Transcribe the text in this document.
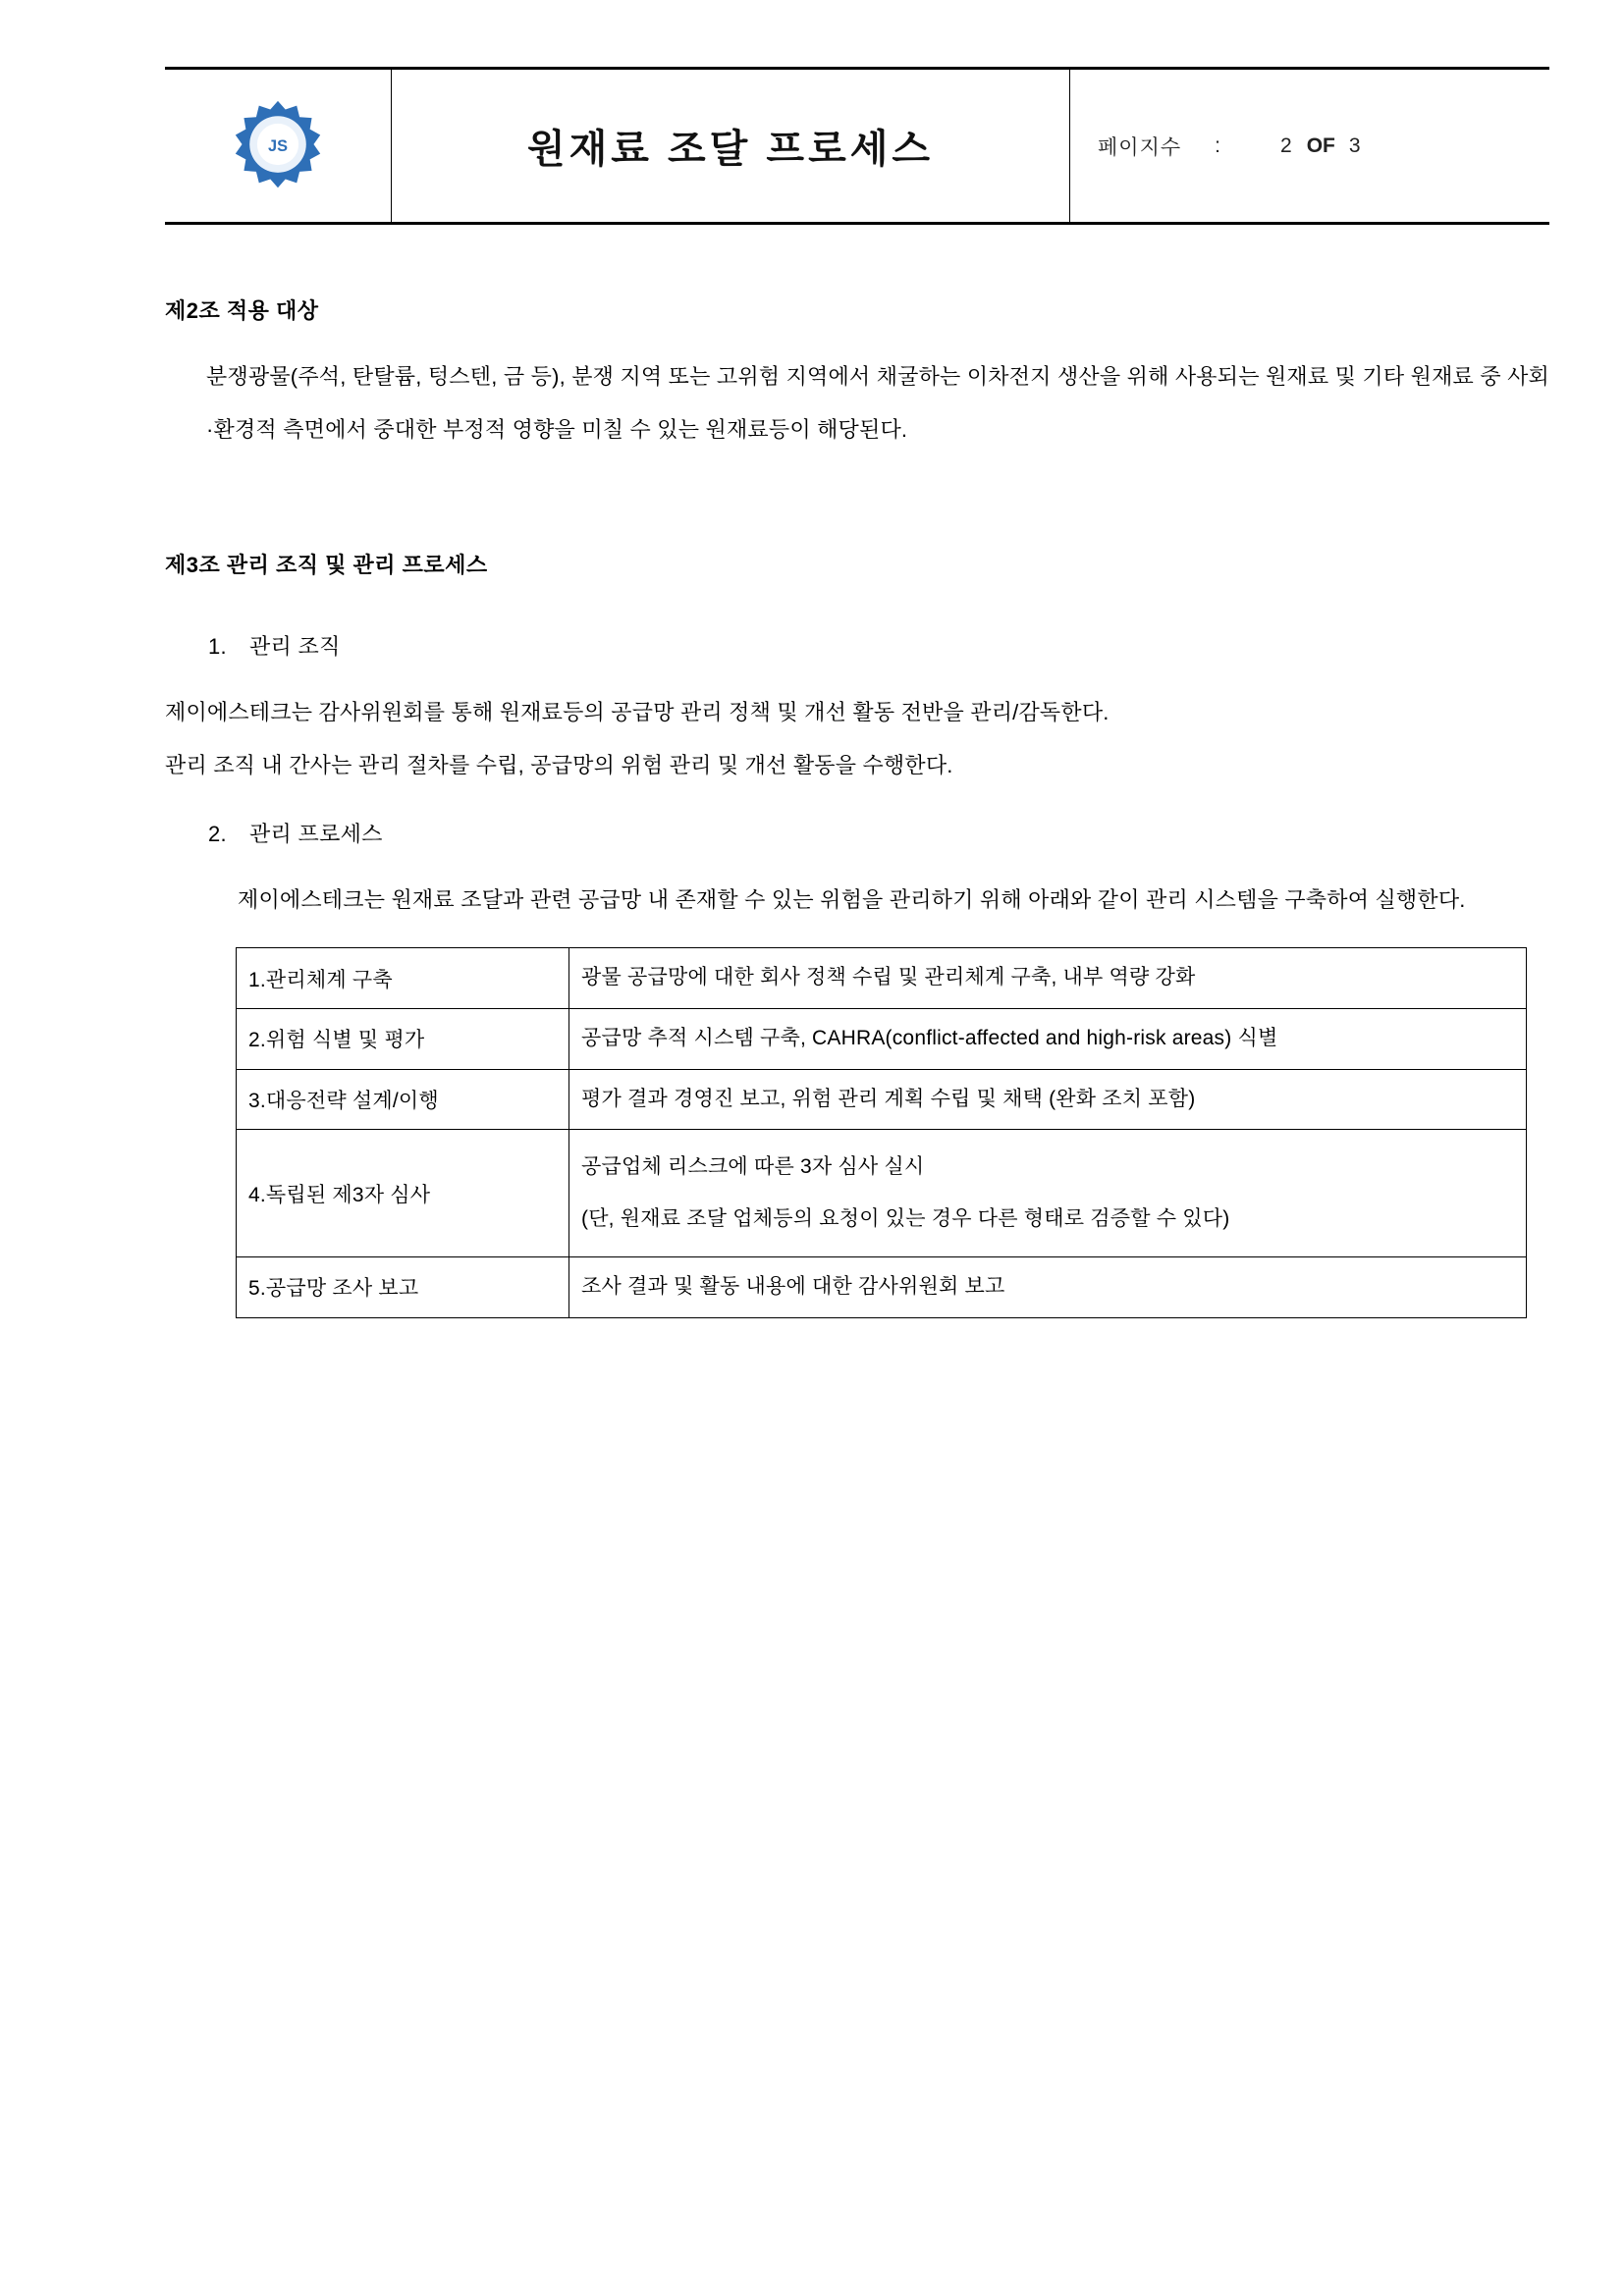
JS	원재료 조달 프로세스	페이지수 :	2 OF 3
제2조 적용 대상

분쟁광물(주석, 탄탈륨, 텅스텐, 금 등), 분쟁 지역 또는 고위험 지역에서 채굴하는 이차전지 생산을 위해 사용되는 원재료 및 기타 원재료 중 사회·환경적 측면에서 중대한 부정적 영향을 미칠 수 있는 원재료등이 해당된다.

제3조 관리 조직 및 관리 프로세스
1. 관리 조직

제이에스테크는 감사위원회를 통해 원재료등의 공급망 관리 정책 및 개선 활동 전반을 관리/감독한다.

관리 조직 내 간사는 관리 절차를 수립, 공급망의 위험 관리 및 개선 활동을 수행한다.

2. 관리 프로세스

제이에스테크는 원재료 조달과 관련 공급망 내 존재할 수 있는 위험을 관리하기 위해 아래와 같이 관리 시스템을 구축하여 실행한다.

1.관리체계 구축	광물 공급망에 대한 회사 정책 수립 및 관리체계 구축, 내부 역량 강화

2.위험 식별 및 평가	공급망 추적 시스템 구축, CAHRA(conflict-affected and high-risk areas) 식별

3.대응전략 설계/이행	평가 결과 경영진 보고, 위험 관리 계획 수립 및 채택 (완화 조치 포함)

4.독립된 제3자 심사	공급업체 리스크에 따른 3자 심사 실시
(단, 원재료 조달 업체등의 요청이 있는 경우 다른 형태로 검증할 수 있다)

5.공급망 조사 보고	조사 결과 및 활동 내용에 대한 감사위원회 보고
